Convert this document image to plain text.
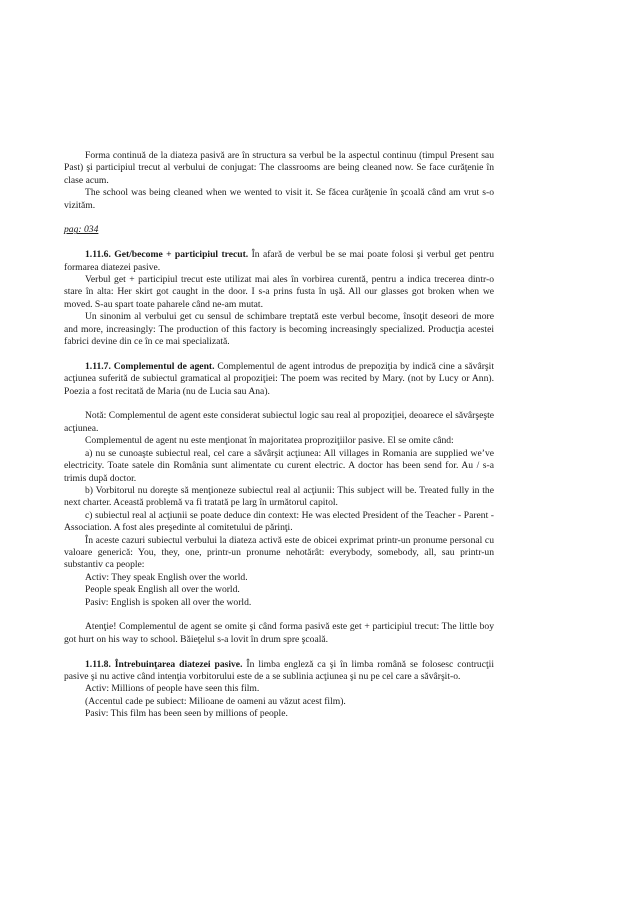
Forma continuă de la diateza pasivă are în structura sa verbul be la aspectul continuu (timpul Present sau Past) şi participiul trecut al verbului de conjugat: The classrooms are being cleaned now. Se face curăţenie în clase acum.

The school was being cleaned when we wented to visit it. Se făcea curăţenie în şcoală când am vrut s-o vizităm.

pag: 034

1.11.6. Get/become + participiul trecut. În afară de verbul be se mai poate folosi şi verbul get pentru formarea diatezei pasive.

Verbul get + participiul trecut este utilizat mai ales în vorbirea curentă, pentru a indica trecerea dintr-o stare în alta: Her skirt got caught in the door. I s-a prins fusta în uşă. All our glasses got broken when we moved. S-au spart toate paharele când ne-am mutat.

Un sinonim al verbului get cu sensul de schimbare treptată este verbul become, însoţit deseori de more and more, increasingly: The production of this factory is becoming increasingly specialized. Producţia acestei fabrici devine din ce în ce mai specializată.

1.11.7. Complementul de agent. Complementul de agent introdus de prepoziţia by indică cine a săvârşit acţiunea suferită de subiectul gramatical al propoziţiei: The poem was recited by Mary. (not by Lucy or Ann). Poezia a fost recitată de Maria (nu de Lucia sau Ana).

Notă: Complementul de agent este considerat subiectul logic sau real al propoziţiei, deoarece el săvârşeşte acţiunea.

Complementul de agent nu este menţionat în majoritatea proproziţiilor pasive. El se omite când:

a) nu se cunoaşte subiectul real, cel care a săvârşit acţiunea: All villages in Romania are supplied we’ve electricity. Toate satele din România sunt alimentate cu curent electric. A doctor has been send for. Au / s-a trimis după doctor.

b) Vorbitorul nu doreşte să menţioneze subiectul real al acţiunii: This subject will be. Treated fully in the next charter. Această problemă va fi tratată pe larg în următorul capitol.

c) subiectul real al acţiunii se poate deduce din context: He was elected President of the Teacher - Parent - Association. A fost ales preşedinte al comitetului de părinţi.

În aceste cazuri subiectul verbului la diateza activă este de obicei exprimat printr-un pronume personal cu valoare generică: You, they, one, printr-un pronume nehotărât: everybody, somebody, all, sau printr-un substantiv ca people:

Activ: They speak English over the world.

People speak English all over the world.

Pasiv: English is spoken all over the world.

Atenţie! Complementul de agent se omite şi când forma pasivă este get + participiul trecut: The little boy got hurt on his way to school. Băieţelul s-a lovit în drum spre şcoală.

1.11.8. Întrebuinţarea diatezei pasive. În limba engleză ca şi în limba română se folosesc contrucţii pasive şi nu active când intenţia vorbitorului este de a se sublinia acţiunea şi nu pe cel care a săvârşit-o.

Activ: Millions of people have seen this film.

(Accentul cade pe subiect: Milioane de oameni au văzut acest film).

Pasiv: This film has been seen by millions of people.
